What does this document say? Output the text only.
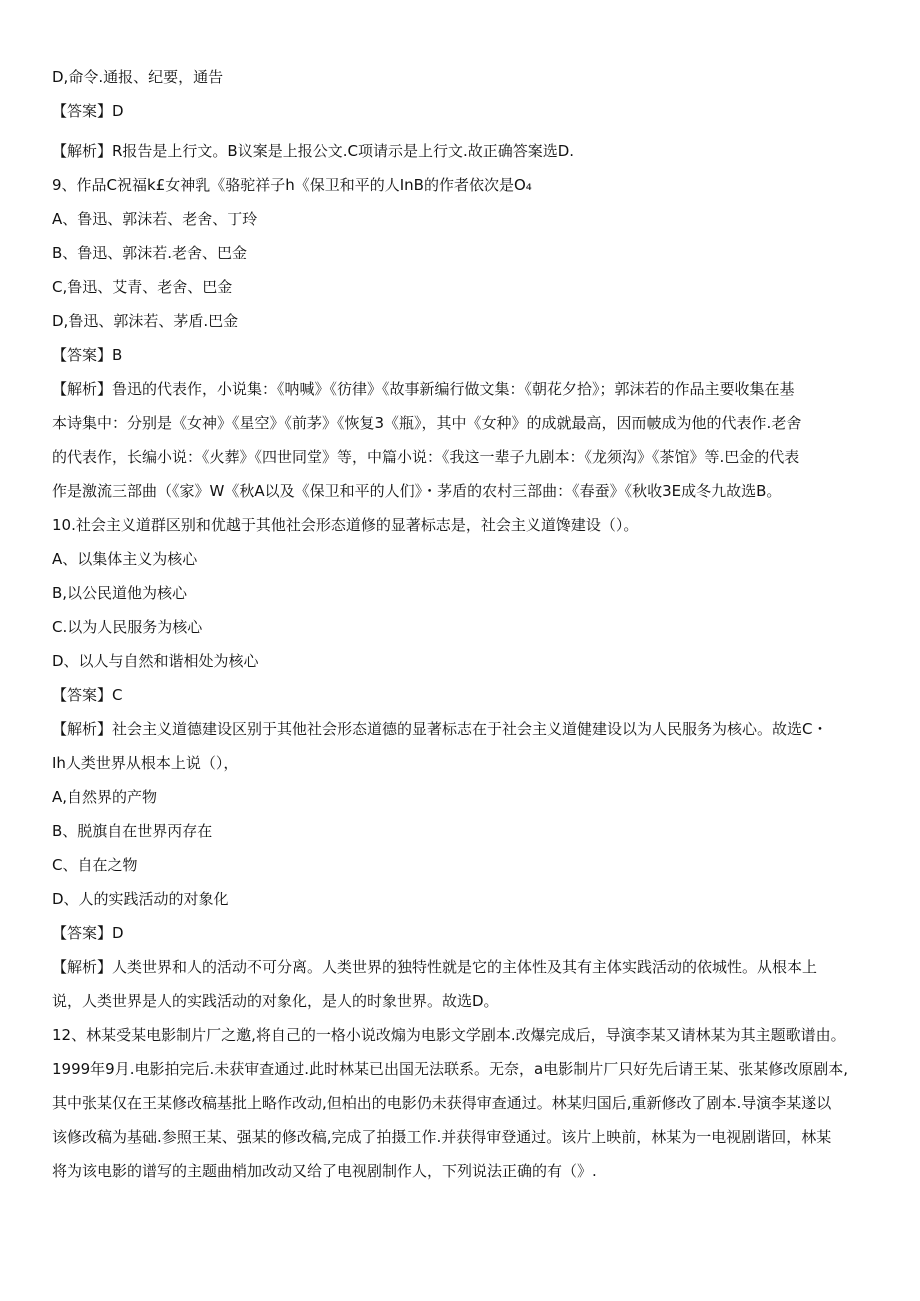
D,命令.通报、纪要，通告
【答案】D
【解析】R报告是上行文。B议案是上报公文.C项请示是上行文.故正确答案选D.
9、作品C祝福k£女神乳《骆驼祥子h《保卫和平的人InB的作者依次是O₄
A、鲁迅、郭沫若、老舍、丁玲
B、鲁迅、郭沫若.老舍、巴金
C,鲁迅、艾青、老舍、巴金
D,鲁迅、郭沫若、茅盾.巴金
【答案】B
【解析】鲁迅的代表作，小说集：《呐喊》《彷律》《故事新编行做文集：《朝花夕拾》；郭沫若的作品主要收集在基
本诗集中：分别是《女神》《星空》《前茅》《恢复3《瓶》，其中《女种》的成就最高，因而帔成为他的代表作.老舍
的代表作，长编小说：《火葬》《四世同堂》等，中篇小说：《我这一辈子九剧本：《龙须沟》《茶馆》等.巴金的代表
作是激流三部曲（《家》W《秋A以及《保卫和平的人们》・茅盾的农村三部曲：《春蚕》《秋收3E成冬九故选B。
10.社会主义道群区别和优越于其他社会形态道修的显著标志是，社会主义道馋建设（）。
A、以集体主义为核心
B,以公民道他为核心
C.以为人民服务为核心
D、以人与自然和谐相处为核心
【答案】C
【解析】社会主义道德建设区别于其他社会形态道德的显著标志在于社会主义道健建设以为人民服务为核心。故选C・
Ih人类世界从根本上说（），
A,自然界的产物
B、脱旗自在世界丙存在
C、自在之物
D、人的实践活动的对象化
【答案】D
【解析】人类世界和人的活动不可分离。人类世界的独特性就是它的主体性及其有主体实践活动的依城性。从根本上
说，人类世界是人的实践活动的对象化，是人的时象世界。故选D。
12、林某受某电影制片厂之邀,将自己的一格小说改煽为电影文学剧本.改爆完成后，导演李某又请林某为其主题歌谱由。
1999年9月.电影拍完后.未获审查通过.此时林某已出国无法联系。无奈，a电影制片厂只好先后请王某、张某修改原剧本,
其中张某仅在王某修改稿基批上略作改动,但柏出的电影仍未获得审查通过。林某归国后,重新修改了剧本.导演李某遂以
该修改稿为基础.参照王某、强某的修改稿,完成了拍摄工作.并获得审登通过。该片上映前，林某为一电视剧谐回，林某
将为该电影的谱写的主题曲梢加改动又给了电视剧制作人，下列说法正确的有（》.
